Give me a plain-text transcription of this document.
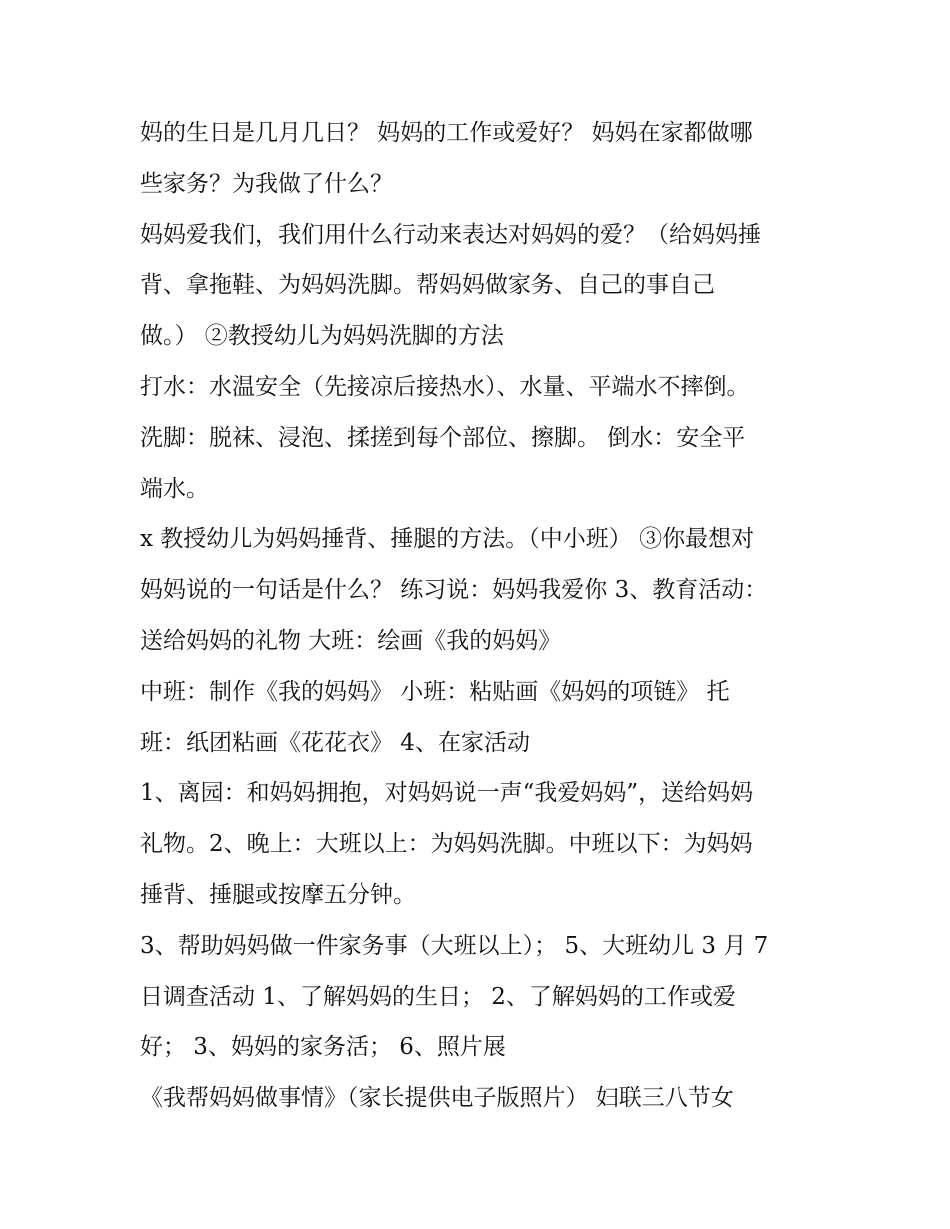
妈的生日是几月几日？ 妈妈的工作或爱好？ 妈妈在家都做哪
些家务？为我做了什么？
妈妈爱我们，我们用什么行动来表达对妈妈的爱？（给妈妈捶
背、拿拖鞋、为妈妈洗脚。帮妈妈做家务、自己的事自己
做。） ②教授幼儿为妈妈洗脚的方法
打水：水温安全（先接凉后接热水）、水量、平端水不摔倒。
洗脚：脱袜、浸泡、揉搓到每个部位、擦脚。 倒水：安全平
端水。
x 教授幼儿为妈妈捶背、捶腿的方法。（中小班） ③你最想对
妈妈说的一句话是什么？ 练习说：妈妈我爱你 3、教育活动：
送给妈妈的礼物 大班：绘画《我的妈妈》
中班：制作《我的妈妈》 小班：粘贴画《妈妈的项链》 托
班：纸团粘画《花花衣》 4、在家活动
1、离园：和妈妈拥抱，对妈妈说一声“我爱妈妈”，送给妈妈
礼物。2、晚上：大班以上：为妈妈洗脚。中班以下：为妈妈
捶背、捶腿或按摩五分钟。
3、帮助妈妈做一件家务事（大班以上）； 5、大班幼儿 3 月 7
日调查活动 1、了解妈妈的生日； 2、了解妈妈的工作或爱
好； 3、妈妈的家务活； 6、照片展
《我帮妈妈做事情》（家长提供电子版照片） 妇联三八节女
